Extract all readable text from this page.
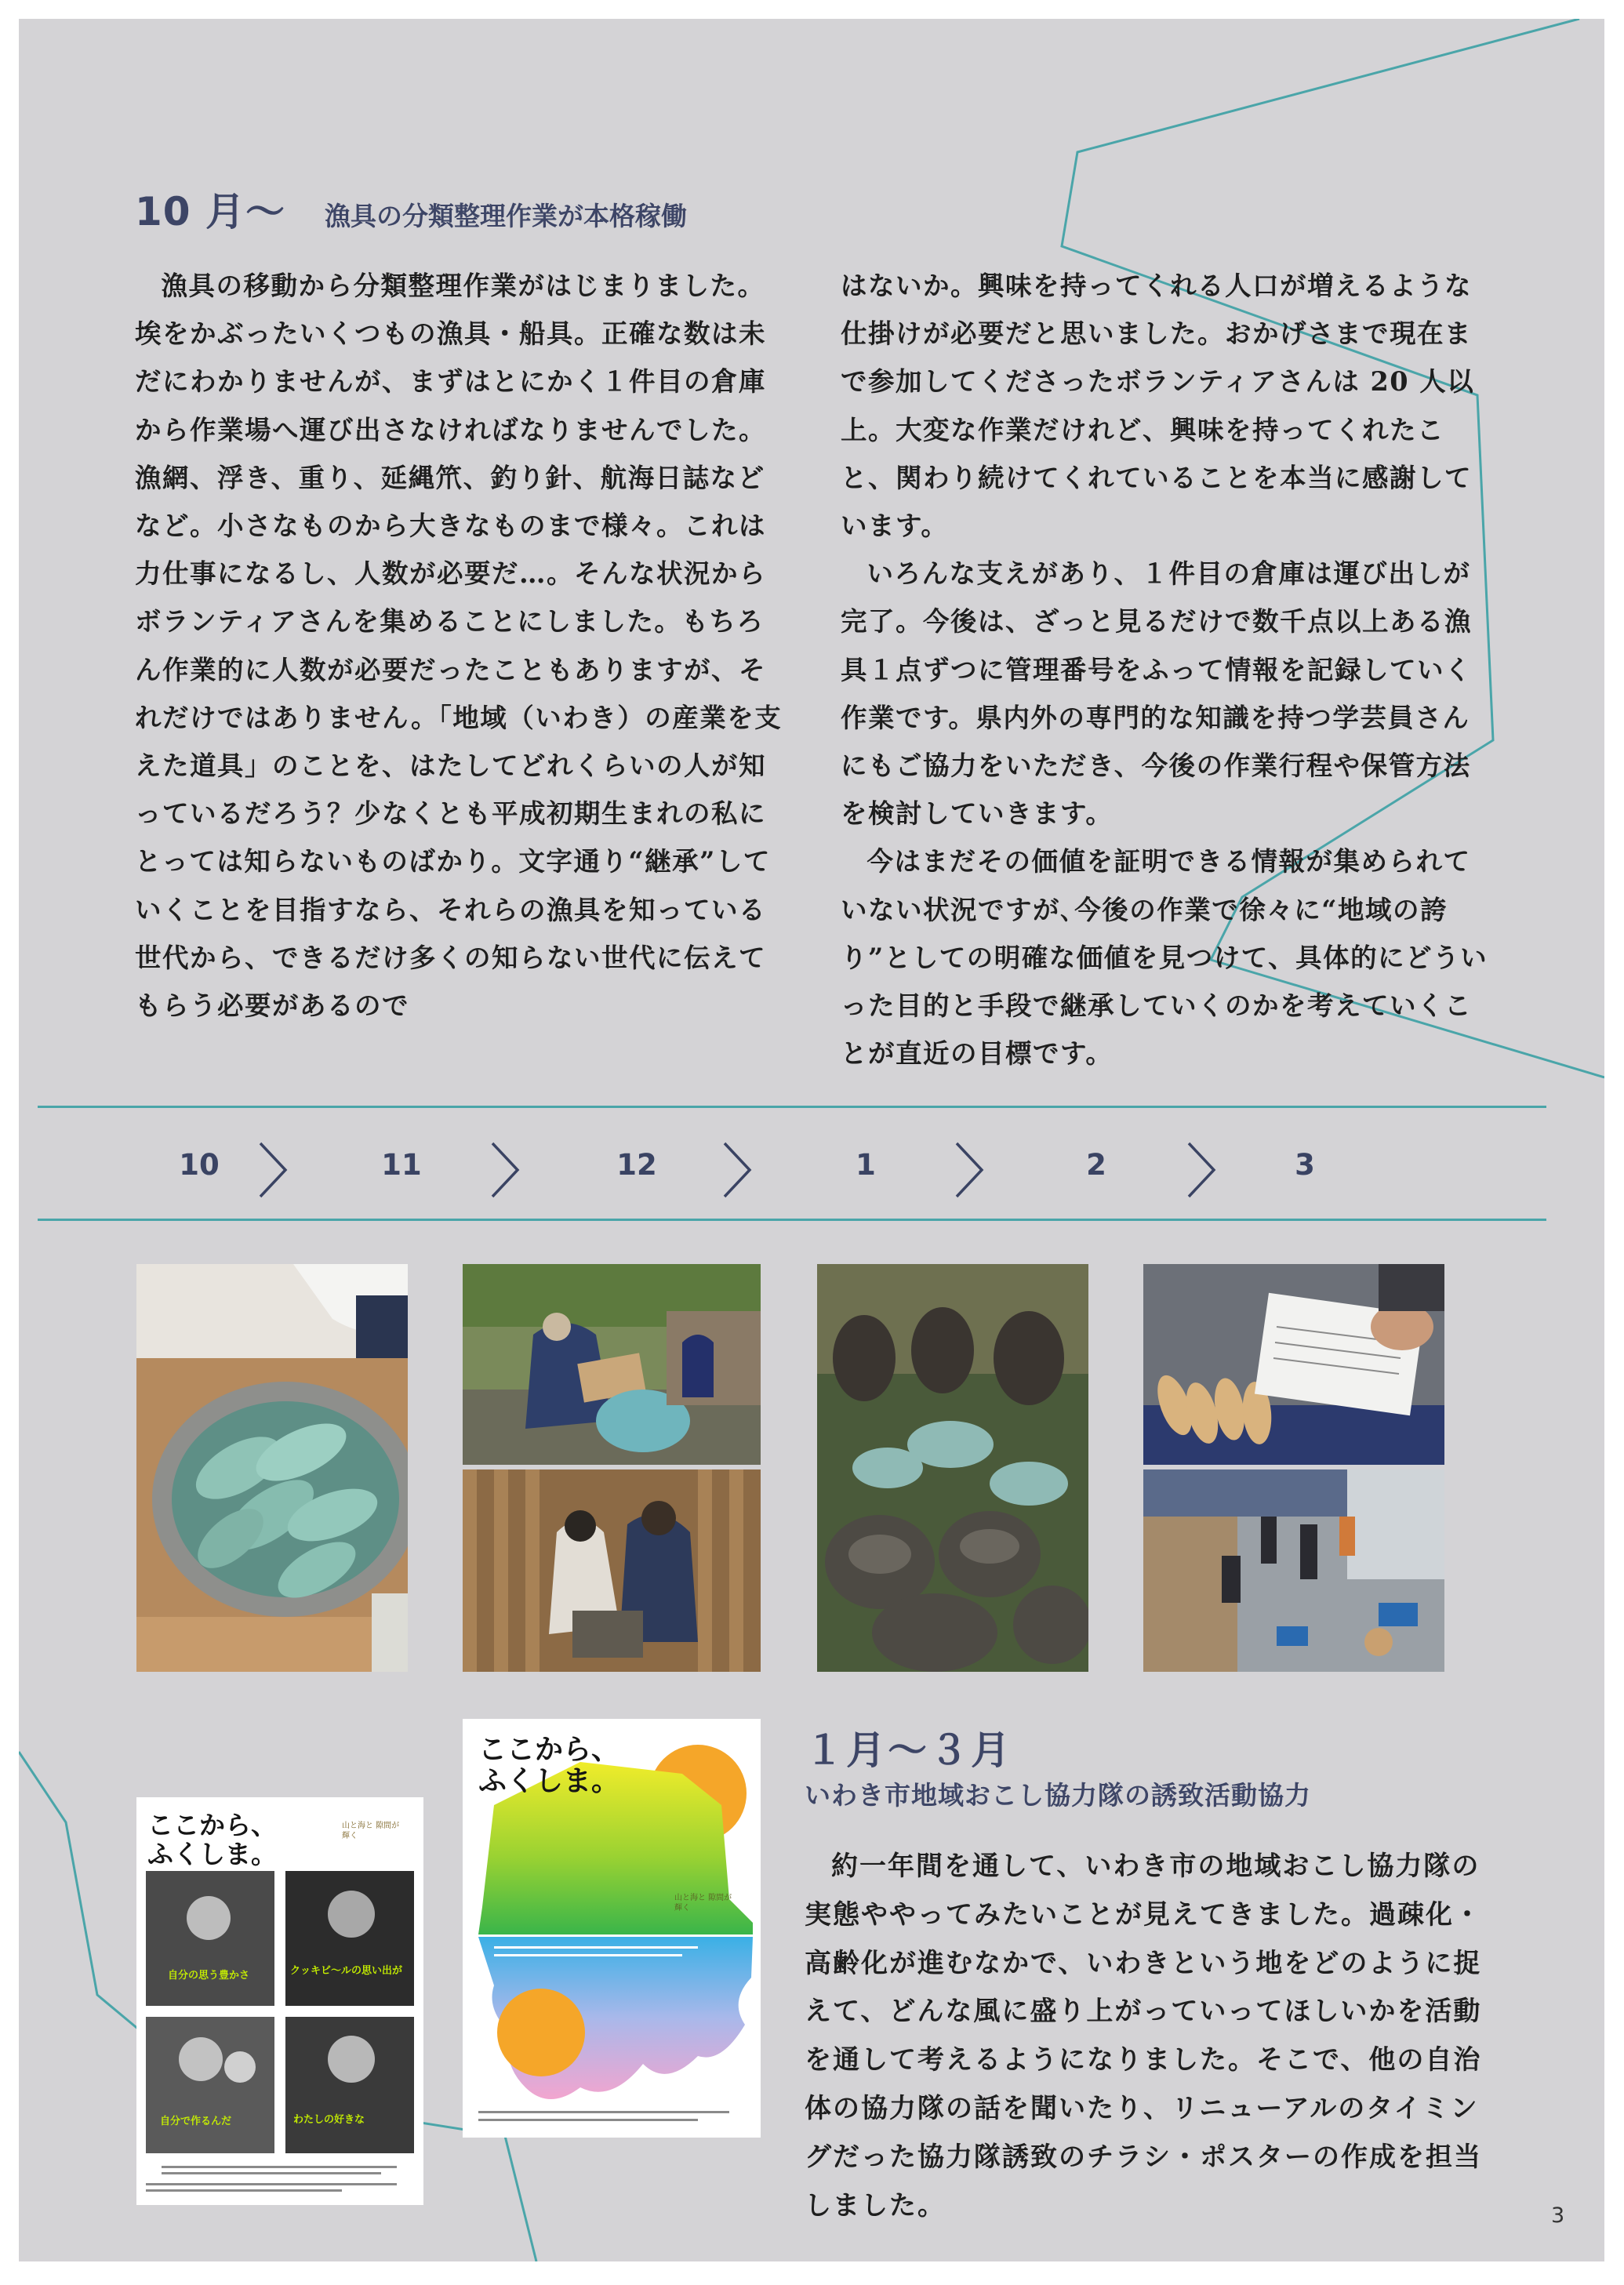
10 月～ 漁具の分類整理作業が本格稼働

漁具の移動から分類整理作業がはじまりました。埃をかぶったいくつもの漁具・船具。正確な数は未だにわかりませんが、まずはとにかく１件目の倉庫から作業場へ運び出さなければなりませんでした。漁網、浮き、重り、延縄笊、釣り針、航海日誌などなど。小さなものから大きなものまで様々。これは力仕事になるし、人数が必要だ…。そんな状況からボランティアさんを集めることにしました。もちろん作業的に人数が必要だったこともありますが、それだけではありません。「地域（いわき）の産業を支えた道具」のことを、はたしてどれくらいの人が知っているだろう？少なくとも平成初期生まれの私にとっては知らないものばかり。文字通り“継承”していくことを目指すなら、それらの漁具を知っている世代から、できるだけ多くの知らない世代に伝えてもらう必要があるので

はないか。興味を持ってくれる人口が増えるような仕掛けが必要だと思いました。おかげさまで現在まで参加してくださったボランティアさんは 20 人以上。大変な作業だけれど、興味を持ってくれたこと、関わり続けてくれていることを本当に感謝しています。

いろんな支えがあり、１件目の倉庫は運び出しが完了。今後は、ざっと見るだけで数千点以上ある漁具１点ずつに管理番号をふって情報を記録していく作業です。県内外の専門的な知識を持つ学芸員さんにもご協力をいただき、今後の作業行程や保管方法を検討していきます。

今はまだその価値を証明できる情報が集められていない状況ですが､今後の作業で徐々に“地域の誇り”としての明確な価値を見つけて、具体的にどういった目的と手段で継承していくのかを考えていくことが直近の目標です。

10	11	12	1	2	3
ここから、
ふくしま。
山と海と 隙間が輝く
自分の思う豊かさ	クッキビ～ルの思い出が
自分で作るんだ	わたしの好きな
ここから、
ふくしま。
山と海と 隙間が輝く
１月～３月
いわき市地域おこし協力隊の誘致活動協力

約一年間を通して、いわき市の地域おこし協力隊の実態ややってみたいことが見えてきました。過疎化・高齢化が進むなかで、いわきという地をどのように捉えて、どんな風に盛り上がっていってほしいかを活動を通して考えるようになりました。そこで、他の自治体の協力隊の話を聞いたり、リニューアルのタイミングだった協力隊誘致のチラシ・ポスターの作成を担当しました。	3
